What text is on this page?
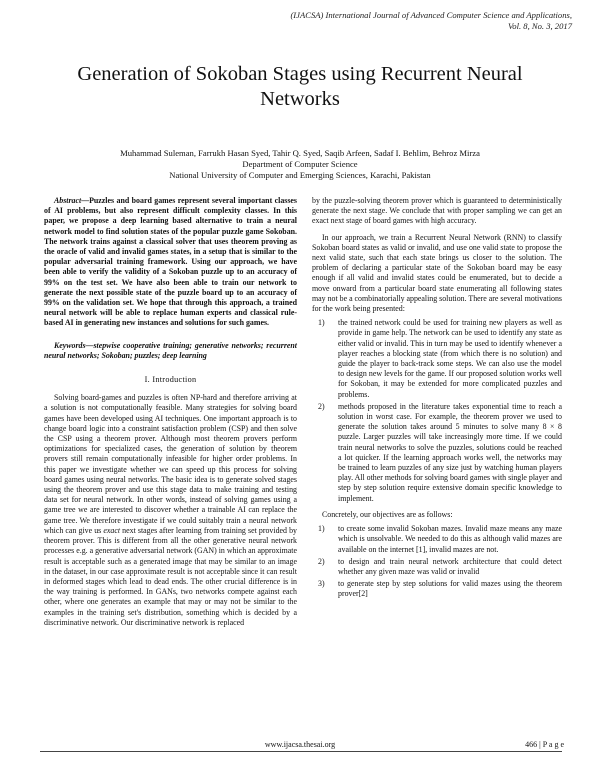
(IJACSA) International Journal of Advanced Computer Science and Applications,
Vol. 8, No. 3, 2017
Generation of Sokoban Stages using Recurrent Neural Networks
Muhammad Suleman, Farrukh Hasan Syed, Tahir Q. Syed, Saqib Arfeen, Sadaf I. Behlim, Behroz Mirza
Department of Computer Science
National University of Computer and Emerging Sciences, Karachi, Pakistan

Abstract—Puzzles and board games represent several important classes of AI problems, but also represent difficult complexity classes. In this paper, we propose a deep learning based alternative to train a neural network model to find solution states of the popular puzzle game Sokoban. The network trains against a classical solver that uses theorem proving as the oracle of valid and invalid games states, in a setup that is similar to the popular adversarial training framework. Using our approach, we have been able to verify the validity of a Sokoban puzzle up to an accuracy of 99% on the test set. We have also been able to train our network to generate the next possible state of the puzzle board up to an accuracy of 99% on the validation set. We hope that through this approach, a trained neural network will be able to replace human experts and classical rule-based AI in generating new instances and solutions for such games.

Keywords—stepwise cooperative training; generative networks; recurrent neural networks; Sokoban; puzzles; deep learning

I. Introduction

Solving board-games and puzzles is often NP-hard and therefore arriving at a solution is not computationally feasible. Many strategies for solving board games have been developed using AI techniques. One important approach is to change board logic into a constraint satisfaction problem (CSP) and then solve the CSP using a theorem prover. Although most theorem provers perform optimizations for specialized cases, the generation of solution by theorem provers still remain computationally infeasible for higher order problems. In this paper we investigate whether we can speed up this process for solving board games using neural networks. The basic idea is to generate solved stages using the theorem prover and use this stage data to make training and testing data set for neural network. In other words, instead of solving games using a game tree we are interested to discover whether a trainable AI can replace the game tree. We therefore investigate if we could suitably train a neural network which can give us exact next stages after learning from training set provided by theorem prover. This is different from all the other generative neural network processes e.g. a generative adversarial network (GAN) in which an approximate result is acceptable such as a generated image that may be similar to an image in the dataset, in our case approximate result is not acceptable since it can result in deformed stages which lead to dead ends. The other crucial difference is in the way training is performed. In GANs, two networks compete against each other, where one generates an example that may or may not be similar to the examples in the training set's distribution, something which is decided by a discriminative network. Our discriminative network is replaced

by the puzzle-solving theorem prover which is guaranteed to deterministically generate the next stage. We conclude that with proper sampling we can get an exact next stage of board games with high accuracy.

In our approach, we train a Recurrent Neural Network (RNN) to classify Sokoban board states as valid or invalid, and use one valid state to propose the next valid state, such that each state brings us closer to the solution. The problem of declaring a particular state of the Sokoban board may be easy enough if all valid and invalid states could be enumerated, but to decide a move onward from a particular board state enumerating all following states may not be a combinatorially appealing solution. There are several motivations for the work being presented:

1)	the trained network could be used for training new players as well as provide in game help. The network can be used to identify any state as either valid or invalid. This in turn may be used to identify whenever a player reaches a blocking state (from which there is no solution) and guide the player to back-track some steps. We can also use the model to design new levels for the game. If our proposed solution works well for Sokoban, it may be extended for more complicated puzzles and problems.
2)	methods proposed in the literature takes exponential time to reach a solution in worst case. For example, the theorem prover we used to generate the solution takes around 5 minutes to solve many 8 × 8 puzzle. Larger puzzles will take increasingly more time. If we could train neural networks to solve the puzzles, solutions could be reached a lot quicker. If the learning approach works well, the networks may be trained to learn puzzles of any size just by watching human players play. All other methods for solving board games with single player and step by step solution require extensive domain specific knowledge to implement.

Concretely, our objectives are as follows:

1)	to create some invalid Sokoban mazes. Invalid maze means any maze which is unsolvable. We needed to do this as although valid mazes are available on the internet [1], invalid mazes are not.
2)	to design and train neural network architecture that could detect whether any given maze was valid or invalid
3)	to generate step by step solutions for valid mazes using the theorem prover[2]
www.ijacsa.thesai.org	466 | P a g e
